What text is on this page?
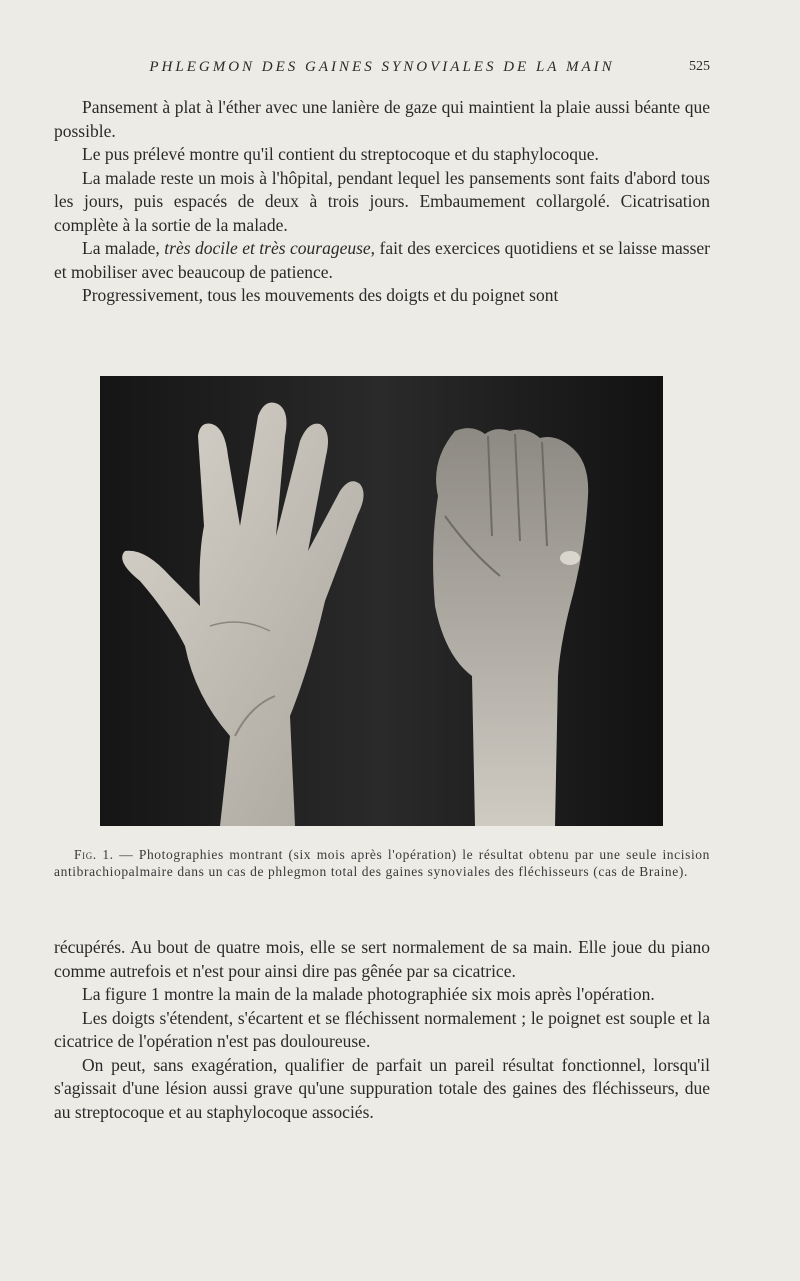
PHLEGMON DES GAINES SYNOVIALES DE LA MAIN	525

Pansement à plat à l'éther avec une lanière de gaze qui maintient la plaie aussi béante que possible.

Le pus prélevé montre qu'il contient du streptocoque et du staphylocoque.

La malade reste un mois à l'hôpital, pendant lequel les pansements sont faits d'abord tous les jours, puis espacés de deux à trois jours. Embaumement collargolé. Cicatrisation complète à la sortie de la malade.

La malade, très docile et très courageuse, fait des exercices quotidiens et se laisse masser et mobiliser avec beaucoup de patience.

Progressivement, tous les mouvements des doigts et du poignet sont

Fig. 1. — Photographies montrant (six mois après l'opération) le résultat obtenu par une seule incision antibrachiopalmaire dans un cas de phlegmon total des gaines synoviales des fléchisseurs (cas de Braine).

récupérés. Au bout de quatre mois, elle se sert normalement de sa main. Elle joue du piano comme autrefois et n'est pour ainsi dire pas gênée par sa cicatrice.

La figure 1 montre la main de la malade photographiée six mois après l'opération.

Les doigts s'étendent, s'écartent et se fléchissent normalement ; le poignet est souple et la cicatrice de l'opération n'est pas douloureuse.

On peut, sans exagération, qualifier de parfait un pareil résultat fonctionnel, lorsqu'il s'agissait d'une lésion aussi grave qu'une suppuration totale des gaines des fléchisseurs, due au streptocoque et au staphylocoque associés.
